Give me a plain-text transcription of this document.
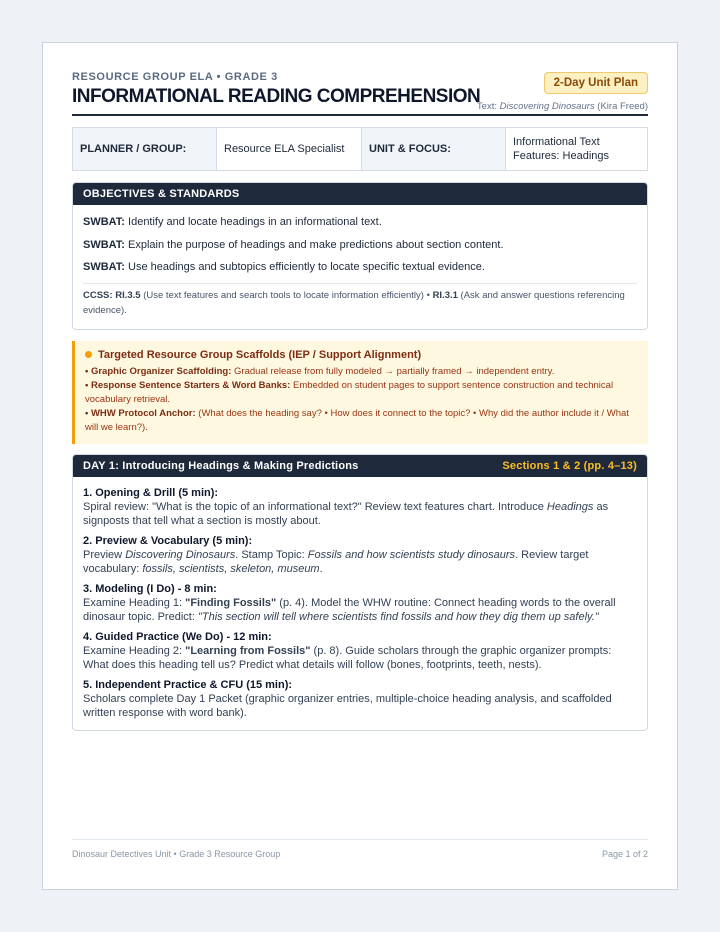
RESOURCE GROUP ELA • GRADE 3
INFORMATIONAL READING COMPREHENSION
2-Day Unit Plan
Text: Discovering Dinosaurs (Kira Freed)
PLANNER / GROUP:	Resource ELA Specialist	UNIT & FOCUS:
Informational Text Features: Headings
OBJECTIVES & STANDARDS
SWBAT: Identify and locate headings in an informational text.
SWBAT: Explain the purpose of headings and make predictions about section content.
SWBAT: Use headings and subtopics efficiently to locate specific textual evidence.
CCSS: RI.3.5 (Use text features and search tools to locate information efficiently) • RI.3.1 (Ask and answer questions referencing evidence).
Targeted Resource Group Scaffolds (IEP / Support Alignment)
• Graphic Organizer Scaffolding: Gradual release from fully modeled → partially framed → independent entry.
• Response Sentence Starters & Word Banks: Embedded on student pages to support sentence construction and technical vocabulary retrieval.
• WHW Protocol Anchor: (What does the heading say? • How does it connect to the topic? • Why did the author include it / What will we learn?).
DAY 1: Introducing Headings & Making Predictions	Sections 1 & 2 (pp. 4–13)
1. Opening & Drill (5 min):
Spiral review: "What is the topic of an informational text?" Review text features chart. Introduce Headings as signposts that tell what a section is mostly about.
2. Preview & Vocabulary (5 min):
Preview Discovering Dinosaurs. Stamp Topic: Fossils and how scientists study dinosaurs. Review target vocabulary: fossils, scientists, skeleton, museum.
3. Modeling (I Do) - 8 min:
Examine Heading 1: "Finding Fossils" (p. 4). Model the WHW routine: Connect heading words to the overall dinosaur topic. Predict: "This section will tell where scientists find fossils and how they dig them up safely."
4. Guided Practice (We Do) - 12 min:
Examine Heading 2: "Learning from Fossils" (p. 8). Guide scholars through the graphic organizer prompts: What does this heading tell us? Predict what details will follow (bones, footprints, teeth, nests).
5. Independent Practice & CFU (15 min):
Scholars complete Day 1 Packet (graphic organizer entries, multiple-choice heading analysis, and scaffolded written response with word bank).
Dinosaur Detectives Unit • Grade 3 Resource Group	Page 1 of 2
